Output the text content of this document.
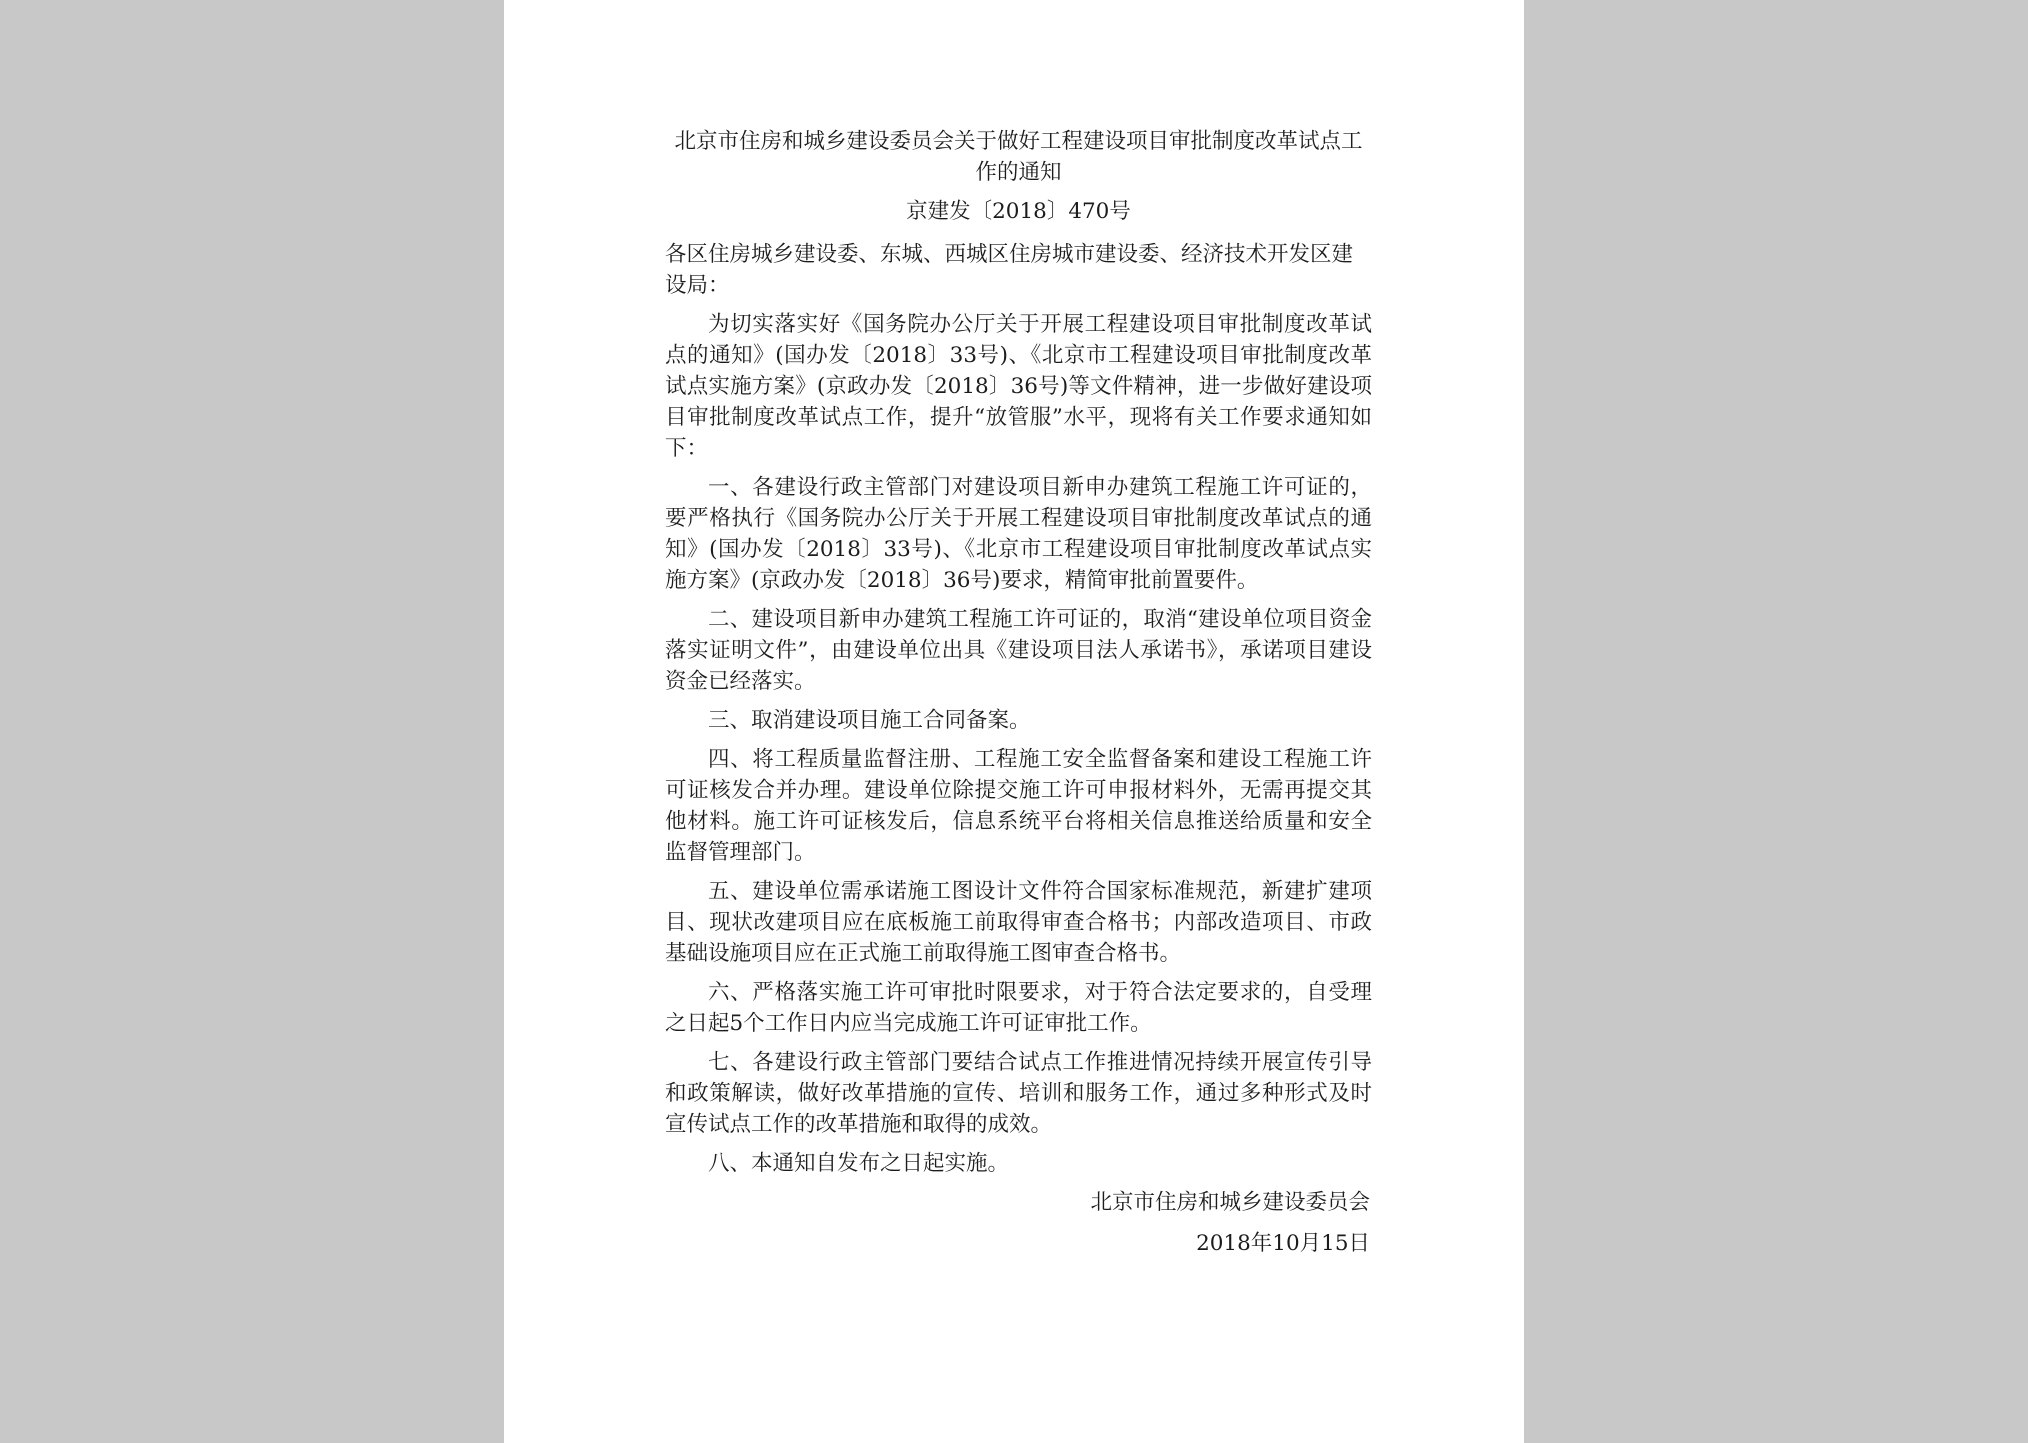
北京市住房和城乡建设委员会关于做好工程建设项目审批制度改革试点工作的通知
京建发〔2018〕470号

各区住房城乡建设委、东城、西城区住房城市建设委、经济技术开发区建设局：

为切实落实好《国务院办公厅关于开展工程建设项目审批制度改革试点的通知》(国办发〔2018〕33号)、《北京市工程建设项目审批制度改革试点实施方案》(京政办发〔2018〕36号)等文件精神，进一步做好建设项目审批制度改革试点工作，提升“放管服”水平，现将有关工作要求通知如下：

一、各建设行政主管部门对建设项目新申办建筑工程施工许可证的，要严格执行《国务院办公厅关于开展工程建设项目审批制度改革试点的通知》(国办发〔2018〕33号)、《北京市工程建设项目审批制度改革试点实施方案》(京政办发〔2018〕36号)要求，精简审批前置要件。

二、建设项目新申办建筑工程施工许可证的，取消“建设单位项目资金落实证明文件”，由建设单位出具《建设项目法人承诺书》，承诺项目建设资金已经落实。

三、取消建设项目施工合同备案。

四、将工程质量监督注册、工程施工安全监督备案和建设工程施工许可证核发合并办理。建设单位除提交施工许可申报材料外，无需再提交其他材料。施工许可证核发后，信息系统平台将相关信息推送给质量和安全监督管理部门。

五、建设单位需承诺施工图设计文件符合国家标准规范，新建扩建项目、现状改建项目应在底板施工前取得审查合格书；内部改造项目、市政基础设施项目应在正式施工前取得施工图审查合格书。

六、严格落实施工许可审批时限要求，对于符合法定要求的，自受理之日起5个工作日内应当完成施工许可证审批工作。

七、各建设行政主管部门要结合试点工作推进情况持续开展宣传引导和政策解读，做好改革措施的宣传、培训和服务工作，通过多种形式及时宣传试点工作的改革措施和取得的成效。

八、本通知自发布之日起实施。

北京市住房和城乡建设委员会
2018年10月15日
